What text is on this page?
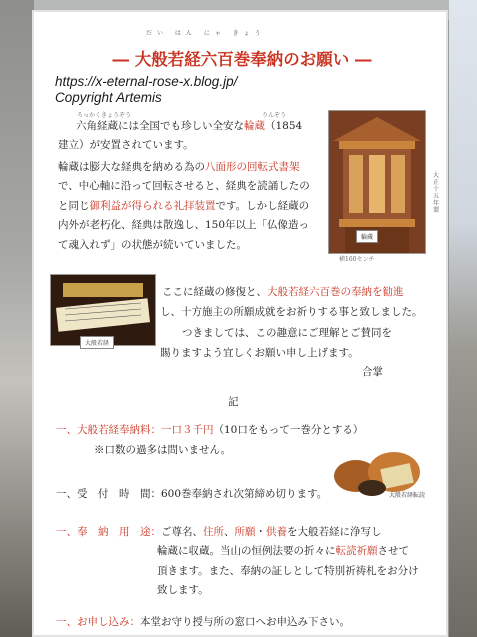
だい はん にゃ きょう
― 大般若経六百巻奉納のお願い ―
https://x-eternal-rose-x.blog.jp/
Copyright Artemis
ろっかくきょうぞう	りんぞう
六角経蔵には全国でも珍しい全安な輪蔵（1854
建立）が安置されています。
輪蔵は膨大な経典を納める為の八面形の回転式書架
で、中心軸に沿って回転させると、経典を読誦したの
と同じ御利益が得られる礼拝装置です。しかし経蔵の
内外が老朽化、経典は散逸し、150年以上「仏像造っ
て魂入れず」の状態が続いていました。
輪蔵
横160センチ
大正十五年製
大般若経
ここに経蔵の修復と、大般若経六百巻の奉納を勧進
し、十方施主の所願成就をお祈りする事と致しました。
つきましては、この趣意にご理解とご賛同を
賜りますよう宜しくお願い申し上げます。
合掌
記
一、大般若経奉納料：一口３千円（10口をもって一巻分とする）
※口数の過多は問いません。
大般若経転読
一、受　付　時　間：600巻奉納され次第締め切ります。
一、奉　納　用　途：ご尊名、住所、所願・供養を大般若経に浄写し
輪蔵に収蔵。当山の恒例法要の折々に転読祈願させて
頂きます。また、奉納の証しとして特別祈祷札をお分け
致します。
一、お申し込み：本堂お守り授与所の窓口へお申込み下さい。
